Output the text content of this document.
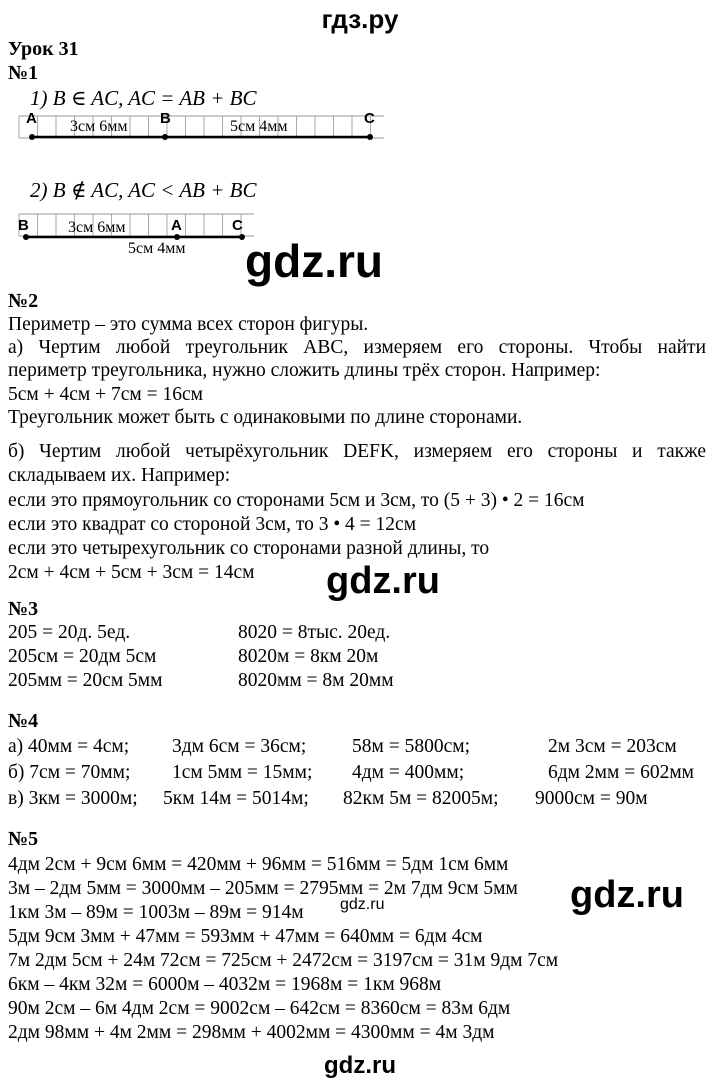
гдз.ру
Урок 31
№1
1) B ∈ AC, AC = AB + BC
A	B	C
3см 6мм	5см 4мм
2) B ∉ AC, AC < AB + BC
B	A	C
3см 6мм
5см 4мм gdz.ru
№2
Периметр – это сумма всех сторон фигуры.
а) Чертим любой треугольник ABC, измеряем его стороны. Чтобы найти
периметр треугольника, нужно сложить длины трёх сторон. Например:
5см + 4см + 7см = 16см
Треугольник может быть с одинаковыми по длине сторонами.
б) Чертим любой четырёхугольник DEFK, измеряем его стороны и также
складываем их. Например:
если это прямоугольник со сторонами 5см и 3см, то (5 + 3) • 2 = 16см
если это квадрат со стороной 3см, то 3 • 4 = 12см
если это четырехугольник со сторонами разной длины, то
2см + 4см + 5см + 3см = 14см gdz.ru
№3
205 = 20д. 5ед.	8020 = 8тыс. 20ед.
205см = 20дм 5см	8020м = 8км 20м
205мм = 20см 5мм	8020мм = 8м 20мм
№4
а) 40мм = 4см; 3дм 6см = 36см; 58м = 5800см;	2м 3см = 203см
б) 7см = 70мм; 1см 5мм = 15мм; 4дм = 400мм;	6дм 2мм = 602мм
в) 3км = 3000м; 5км 14м = 5014м; 82км 5м = 82005м; 9000см = 90м
№5
4дм 2см + 9см 6мм = 420мм + 96мм = 516мм = 5дм 1см 6мм
3м – 2дм 5мм = 3000мм – 205мм = 2795мм = 2м 7дм 9см 5мм
1км 3м – 89м = 1003м – 89м = 914м
5дм 9см 3мм + 47мм = 593мм + 47мм = 640мм = 6дм 4см
7м 2дм 5см + 24м 72см = 725см + 2472см = 3197см = 31м 9дм 7см
6км – 4км 32м = 6000м – 4032м = 1968м = 1км 968м
90м 2см – 6м 4дм 2см = 9002см – 642см = 8360см = 83м 6дм
2дм 98мм + 4м 2мм = 298мм + 4002мм = 4300мм = 4м 3дм
gdz.ru
gdz.ru
gdz.ru
